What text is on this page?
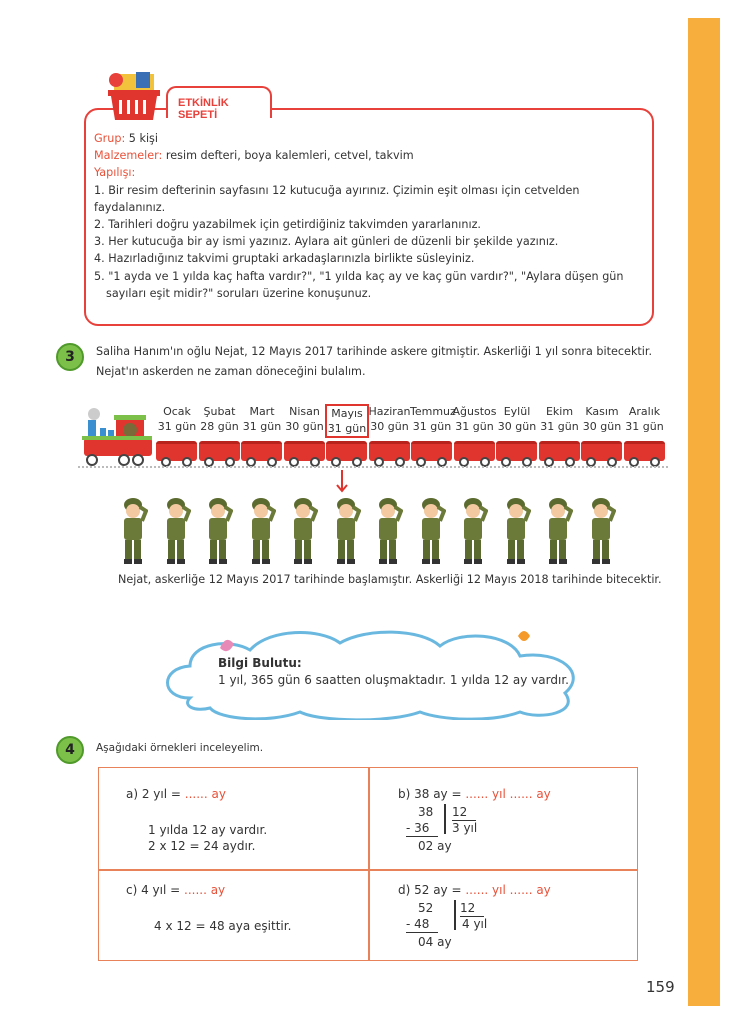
ETKİNLİK SEPETİ
Grup: 5 kişi
Malzemeler: resim defteri, boya kalemleri, cetvel, takvim
Yapılışı:
1. Bir resim defterinin sayfasını 12 kutucuğa ayırınız. Çizimin eşit olması için cetvelden faydalanınız.
2. Tarihleri doğru yazabilmek için getirdiğiniz takvimden yararlanınız.
3. Her kutucuğa bir ay ismi yazınız. Aylara ait günleri de düzenli bir şekilde yazınız.
4. Hazırladığınız takvimi gruptaki arkadaşlarınızla birlikte süsleyiniz.
5. "1 ayda ve 1 yılda kaç hafta vardır?", "1 yılda kaç ay ve kaç gün vardır?", "Aylara düşen gün
sayıları eşit midir?" soruları üzerine konuşunuz.
3	Saliha Hanım'ın oğlu Nejat, 12 Mayıs 2017 tarihinde askere gitmiştir. Askerliği 1 yıl sonra bitecektir.
Nejat'ın askerden ne zaman döneceğini bulalım.
Ocak
31 gün
Şubat
28 gün
Mart
31 gün
Nisan
30 gün
Mayıs
31 gün
Haziran
30 gün
Temmuz
31 gün
Ağustos
31 gün
Eylül
30 gün
Ekim
31 gün
Kasım
30 gün
Aralık
31 gün
Nejat, askerliğe 12 Mayıs 2017 tarihinde başlamıştır. Askerliği 12 Mayıs 2018 tarihinde bitecektir.
Bilgi Bulutu:
1 yıl, 365 gün 6 saatten oluşmaktadır. 1 yılda 12 ay vardır.
4	Aşağıdaki örnekleri inceleyelim.
a) 2 yıl = ...... ay
1 yılda 12 ay vardır.
2 x 12 = 24 aydır.
c) 4 yıl = ...... ay
4 x 12 = 48 aya eşittir.
b) 38 ay = ...... yıl ...... ay
38 12
- 36	3 yıl
02 ay
d) 52 ay = ...... yıl ...... ay
52 12
- 48	4 yıl
04 ay
159
